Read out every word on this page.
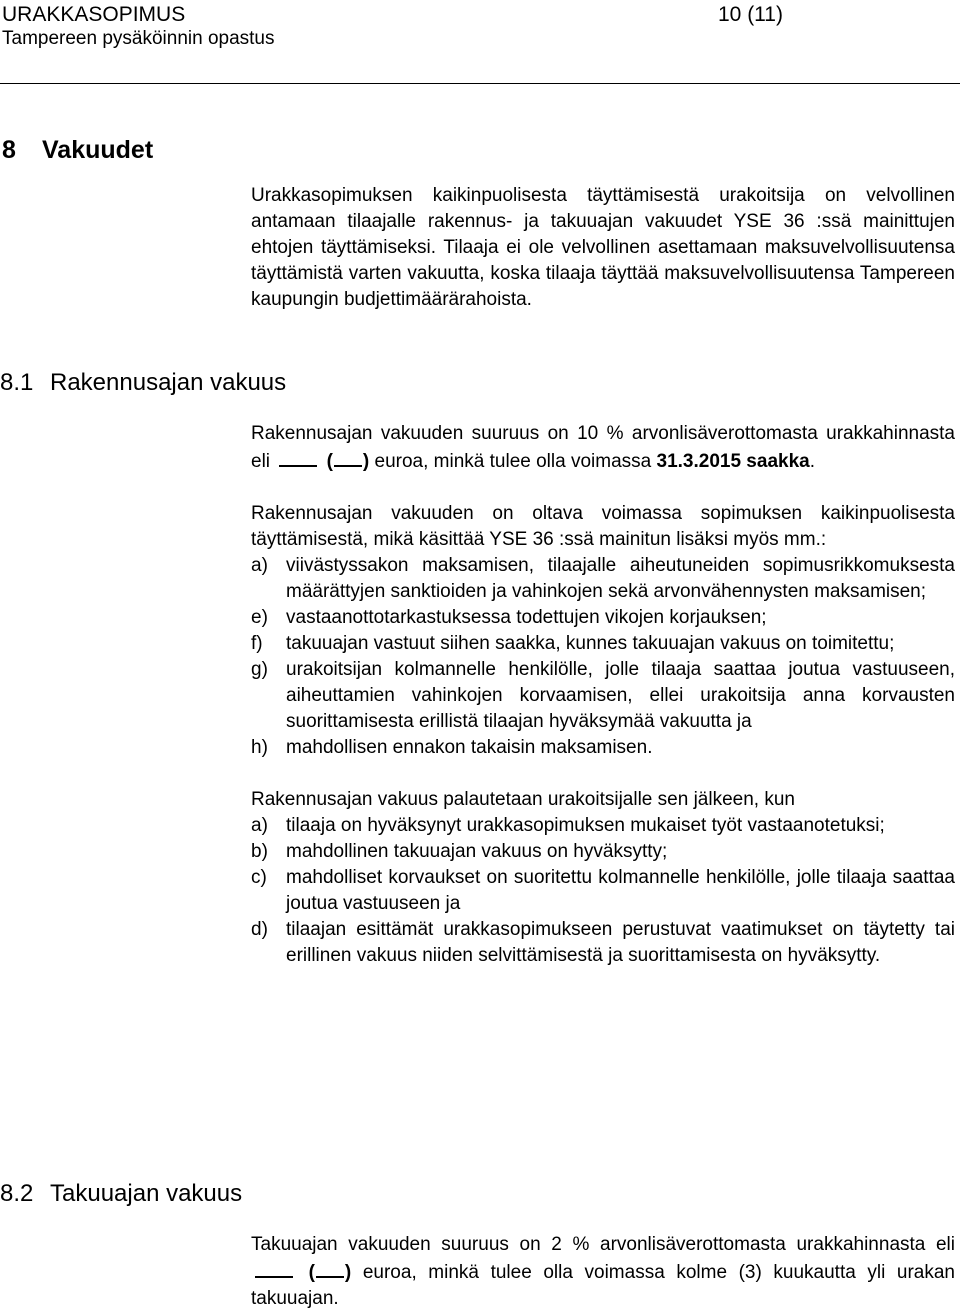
URAKKASOPIMUS	10 (11)
Tampereen pysäköinnin opastus
8 Vakuudet

Urakkasopimuksen kaikinpuolisesta täyttämisestä urakoitsija on velvollinen antamaan tilaajalle rakennus- ja takuuajan vakuudet YSE 36 :ssä mainittujen ehtojen täyttämiseksi. Tilaaja ei ole velvollinen asettamaan maksuvelvollisuutensa täyttämistä varten vakuutta, koska tilaaja täyttää maksuvelvollisuutensa Tampereen kaupungin budjettimäärärahoista.

8.1 Rakennusajan vakuus

Rakennusajan vakuuden suuruus on 10 % arvonlisäverottomasta urakkahinnasta eli	( ) euroa, minkä tulee olla voimassa 31.3.2015 saakka.

Rakennusajan vakuuden on oltava voimassa sopimuksen kaikinpuolisesta täyttämisestä, mikä käsittää YSE 36 :ssä mainitun lisäksi myös mm.:

a) viivästyssakon maksamisen, tilaajalle aiheutuneiden sopimusrikkomuksesta määrättyjen sanktioiden ja vahinkojen sekä arvonvähennysten maksamisen;
e) vastaanottotarkastuksessa todettujen vikojen korjauksen;
f) takuuajan vastuut siihen saakka, kunnes takuuajan vakuus on toimitettu;
g) urakoitsijan kolmannelle henkilölle, jolle tilaaja saattaa joutua vastuuseen, aiheuttamien vahinkojen korvaamisen, ellei urakoitsija anna korvausten suorittamisesta erillistä tilaajan hyväksymää vakuutta ja
h) mahdollisen ennakon takaisin maksamisen.

Rakennusajan vakuus palautetaan urakoitsijalle sen jälkeen, kun

a) tilaaja on hyväksynyt urakkasopimuksen mukaiset työt vastaanotetuksi;
b) mahdollinen takuuajan vakuus on hyväksytty;
c) mahdolliset korvaukset on suoritettu kolmannelle henkilölle, jolle tilaaja saattaa joutua vastuuseen ja
d) tilaajan esittämät urakkasopimukseen perustuvat vaatimukset on täytetty tai erillinen vakuus niiden selvittämisestä ja suorittamisesta on hyväksytty.
8.2 Takuuajan vakuus

Takuuajan vakuuden suuruus on 2 % arvonlisäverottomasta urakkahinnasta eli  ( ) euroa, minkä tulee olla voimassa kolme (3) kuukautta yli urakan takuuajan.
